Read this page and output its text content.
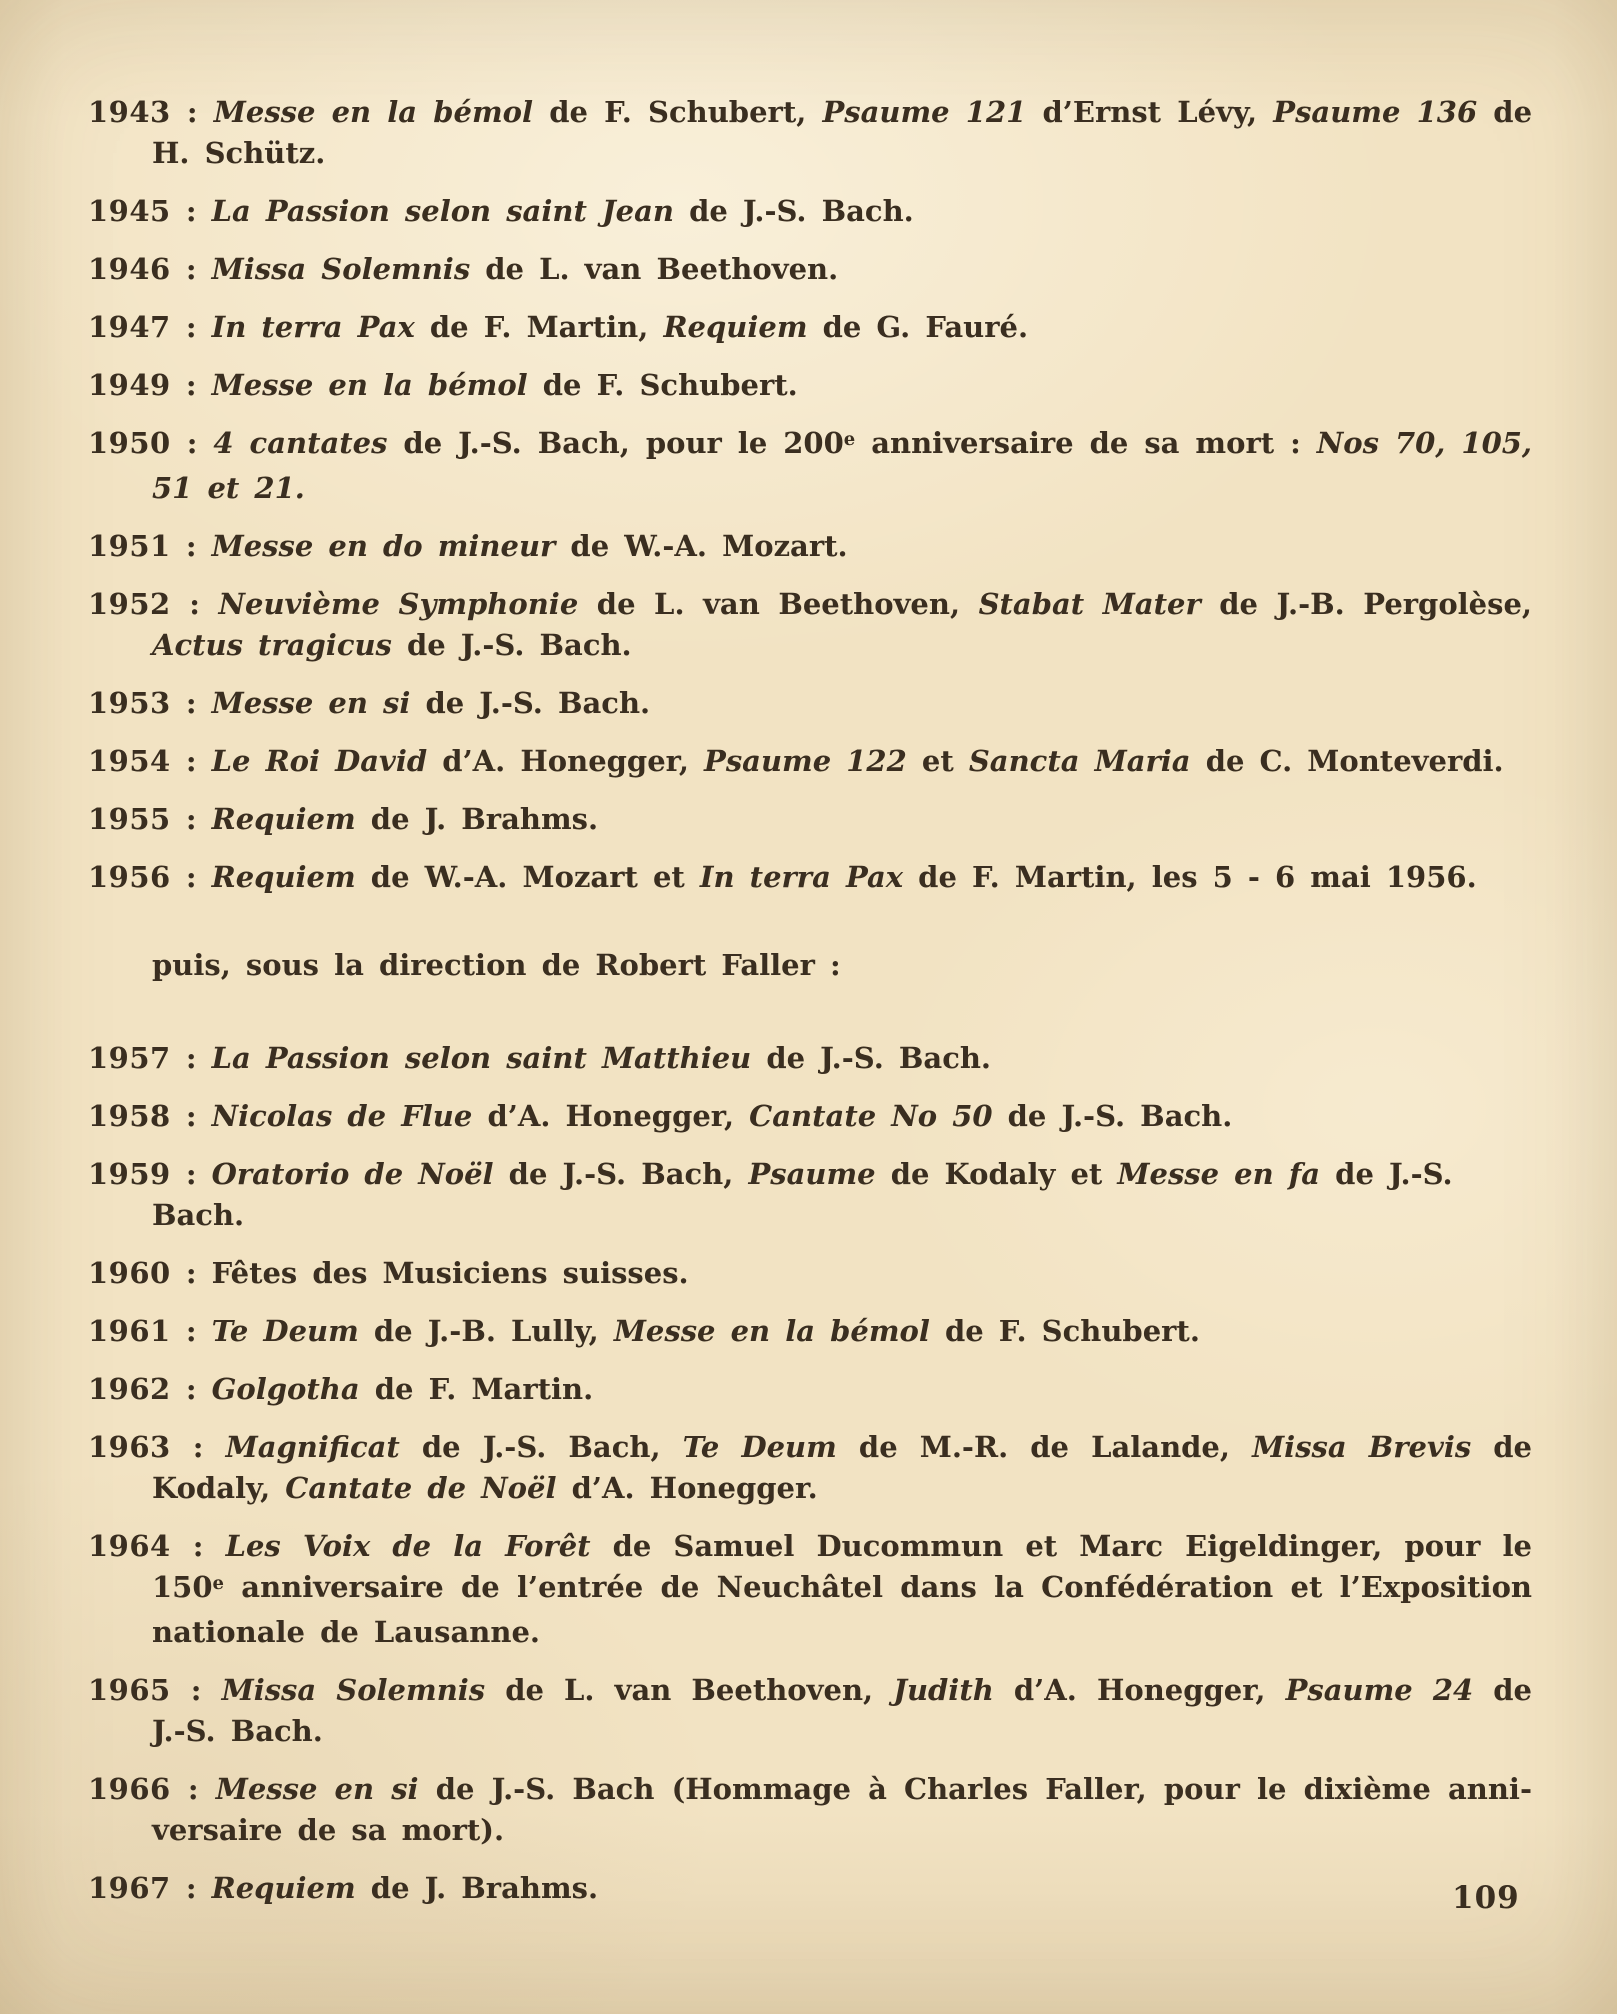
1943 : Messe en la bémol de F. Schubert, Psaume 121 d’Ernst Lévy, Psaume 136 de
H. Schütz.
1945 : La Passion selon saint Jean de J.-S. Bach.
1946 : Missa Solemnis de L. van Beethoven.
1947 : In terra Pax de F. Martin, Requiem de G. Fauré.
1949 : Messe en la bémol de F. Schubert.
1950 : 4 cantates de J.-S. Bach, pour le 200e anniversaire de sa mort : Nos 70, 105,
51 et 21.
1951 : Messe en do mineur de W.-A. Mozart.
1952 : Neuvième Symphonie de L. van Beethoven, Stabat Mater de J.-B. Pergolèse,
Actus tragicus de J.-S. Bach.
1953 : Messe en si de J.-S. Bach.
1954 : Le Roi David d’A. Honegger, Psaume 122 et Sancta Maria de C. Monteverdi.
1955 : Requiem de J. Brahms.
1956 : Requiem de W.-A. Mozart et In terra Pax de F. Martin, les 5 - 6 mai 1956.
puis, sous la direction de Robert Faller :
1957 : La Passion selon saint Matthieu de J.-S. Bach.
1958 : Nicolas de Flue d’A. Honegger, Cantate No 50 de J.-S. Bach.
1959 : Oratorio de Noël de J.-S. Bach, Psaume de Kodaly et Messe en fa de J.-S. Bach.
1960 : Fêtes des Musiciens suisses.
1961 : Te Deum de J.-B. Lully, Messe en la bémol de F. Schubert.
1962 : Golgotha de F. Martin.
1963 : Magnificat de J.-S. Bach, Te Deum de M.-R. de Lalande, Missa Brevis de
Kodaly, Cantate de Noël d’A. Honegger.
1964 : Les Voix de la Forêt de Samuel Ducommun et Marc Eigeldinger, pour le
150e anniversaire de l’entrée de Neuchâtel dans la Confédération et l’Exposition
nationale de Lausanne.
1965 : Missa Solemnis de L. van Beethoven, Judith d’A. Honegger, Psaume 24 de
J.-S. Bach.
1966 : Messe en si de J.-S. Bach (Hommage à Charles Faller, pour le dixième anni-
versaire de sa mort).
1967 : Requiem de J. Brahms.	109
